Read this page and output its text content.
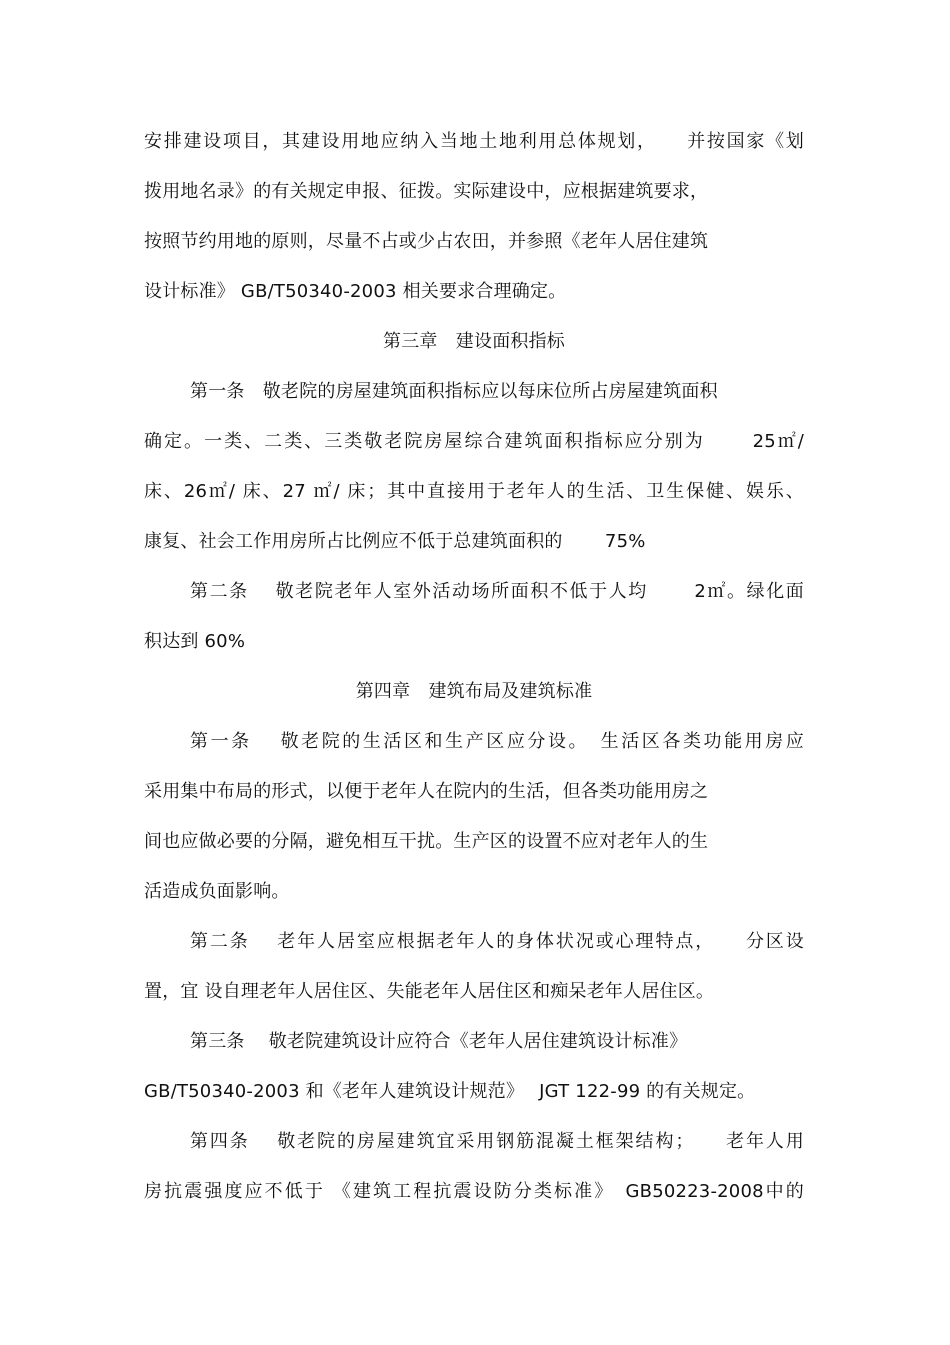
安排建设项目，其建设用地应纳入当地土地利用总体规划，　　并按国家《划
拨用地名录》的有关规定申报、征拨。实际建设中，应根据建筑要求，
按照节约用地的原则，尽量不占或少占农田，并参照《老年人居住建筑
设计标准》 GB/T50340-2003 相关要求合理确定。
第三章　建设面积指标
第一条　敬老院的房屋建筑面积指标应以每床位所占房屋建筑面积
确定。一类、二类、三类敬老院房屋综合建筑面积指标应分别为　　 25㎡/
床、26㎡/ 床、27 ㎡/ 床；其中直接用于老年人的生活、卫生保健、娱乐、
康复、社会工作用房所占比例应不低于总建筑面积的　　 75%
第二条　 敬老院老年人室外活动场所面积不低于人均　　 2㎡。绿化面
积达到 60%
第四章　建筑布局及建筑标准
第一条　 敬老院的生活区和生产区应分设。　生活区各类功能用房应
采用集中布局的形式，以便于老年人在院内的生活，但各类功能用房之
间也应做必要的分隔，避免相互干扰。生产区的设置不应对老年人的生
活造成负面影响。
第二条　 老年人居室应根据老年人的身体状况或心理特点，　　分区设
置，宜 设自理老年人居住区、失能老年人居住区和痴呆老年人居住区。
第三条　 敬老院建筑设计应符合《老年人居住建筑设计标准》
GB/T50340-2003 和《老年人建筑设计规范》　 JGT 122-99 的有关规定。
第四条　 敬老院的房屋建筑宜采用钢筋混凝土框架结构；　　老年人用
房抗震强度应不低于 《建筑工程抗震设防分类标准》　GB50223-2008中的
